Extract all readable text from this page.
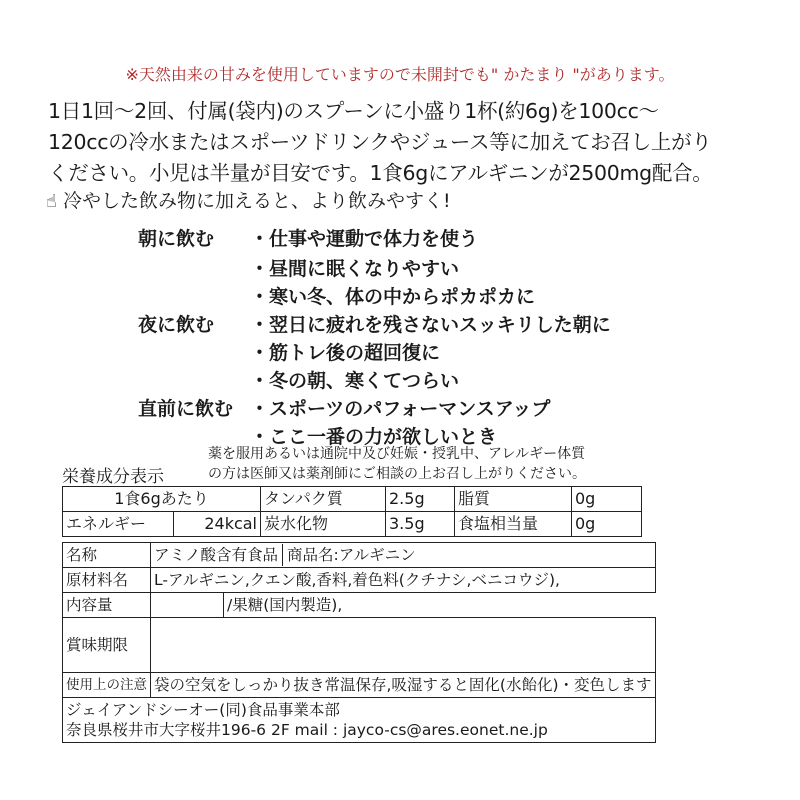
※天然由来の甘みを使用していますので未開封でも" かたまり "があります。
1日1回〜2回、付属(袋内)のスプーンに小盛り1杯(約6g)を100cc〜
120ccの冷水またはスポーツドリンクやジュース等に加えてお召し上がり
ください。小児は半量が目安です。1食6gにアルギニンが2500mg配合。
☝ 冷やした飲み物に加えると、より飲みやすく!
朝に飲む ・仕事や運動で体力を使う
・昼間に眠くなりやすい
・寒い冬、体の中からポカポカに
夜に飲む ・翌日に疲れを残さないスッキリした朝に
・筋トレ後の超回復に
・冬の朝、寒くてつらい
直前に飲む ・スポーツのパフォーマンスアップ
・ここ一番の力が欲しいとき
薬を服用あるいは通院中及び妊娠・授乳中、アレルギー体質
の方は医師又は薬剤師にご相談の上お召し上がりください。
栄養成分表示
1食6gあたり		タンパク質	2.5g	脂質	0g
エネルギー	24kcal	炭水化物	3.5g	食塩相当量	0g
名称	アミノ酸含有食品 商品名:アルギニン	
原材料名	L-アルギニン,クエン酸,香料,着色料(クチナシ,ベニコウジ),	
内容量		/果糖(国内製造),
賞味期限		
使用上の注意	袋の空気をしっかり抜き常温保存,吸湿すると固化(水飴化)・変色します	

ジェイアンドシーオー(同)食品事業本部
奈良県桜井市大字桜井196-6 2F mail : jayco-cs@ares.eonet.ne.jp		
